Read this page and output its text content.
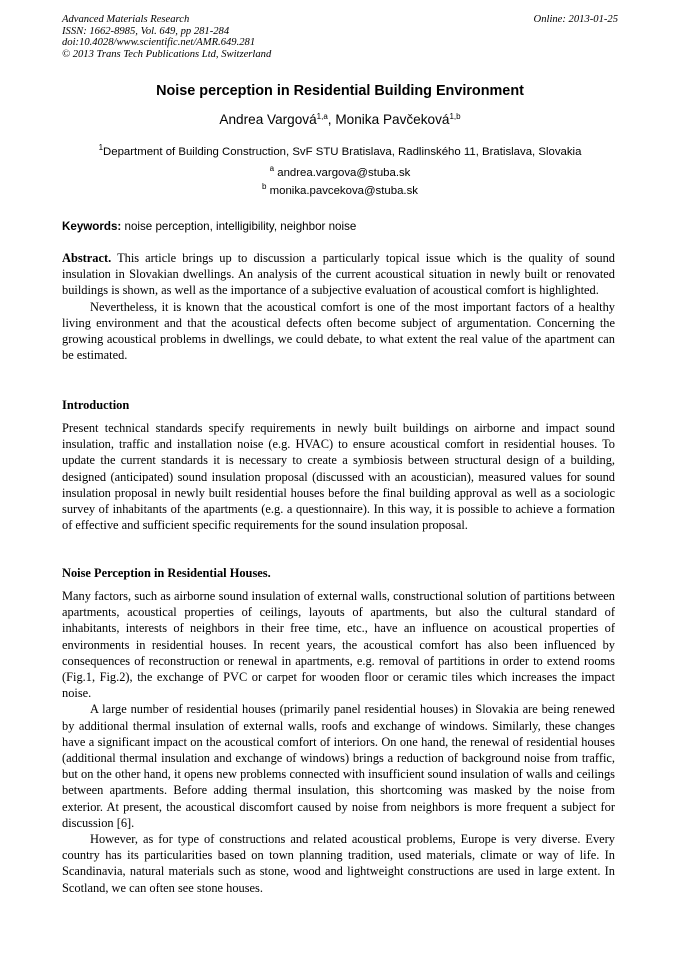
Advanced Materials Research
ISSN: 1662-8985, Vol. 649, pp 281-284
doi:10.4028/www.scientific.net/AMR.649.281
© 2013 Trans Tech Publications Ltd, Switzerland
Online: 2013-01-25
Noise perception in Residential Building Environment
Andrea Vargová$^{1,a}$, Monika Pavčeková$^{1,b}$
$^1$Department of Building Construction, SvF STU Bratislava, Radlinského 11, Bratislava, Slovakia
$^a$ andrea.vargova@stuba.sk
$^b$ monika.pavcekova@stuba.sk
Keywords: noise perception, intelligibility, neighbor noise

Abstract. This article brings up to discussion a particularly topical issue which is the quality of sound insulation in Slovakian dwellings. An analysis of the current acoustical situation in newly built or renovated buildings is shown, as well as the importance of a subjective evaluation of acoustical comfort is highlighted.

Nevertheless, it is known that the acoustical comfort is one of the most important factors of a healthy living environment and that the acoustical defects often become subject of argumentation. Concerning the growing acoustical problems in dwellings, we could debate, to what extent the real value of the apartment can be estimated.

Introduction

Present technical standards specify requirements in newly built buildings on airborne and impact sound insulation, traffic and installation noise (e.g. HVAC) to ensure acoustical comfort in residential houses. To update the current standards it is necessary to create a symbiosis between structural design of a building, designed (anticipated) sound insulation proposal (discussed with an acoustician), measured values for sound insulation proposal in newly built residential houses before the final building approval as well as a sociologic survey of inhabitants of the apartments (e.g. a questionnaire). In this way, it is possible to achieve a formation of effective and sufficient specific requirements for the sound insulation proposal.

Noise Perception in Residential Houses.

Many factors, such as airborne sound insulation of external walls, constructional solution of partitions between apartments, acoustical properties of ceilings, layouts of apartments, but also the cultural standard of inhabitants, interests of neighbors in their free time, etc., have an influence on acoustical properties of environments in residential houses. In recent years, the acoustical comfort has also been influenced by consequences of reconstruction or renewal in apartments, e.g. removal of partitions in order to extend rooms (Fig.1, Fig.2), the exchange of PVC or carpet for wooden floor or ceramic tiles which increases the impact noise.

A large number of residential houses (primarily panel residential houses) in Slovakia are being renewed by additional thermal insulation of external walls, roofs and exchange of windows. Similarly, these changes have a significant impact on the acoustical comfort of interiors. On one hand, the renewal of residential houses (additional thermal insulation and exchange of windows) brings a reduction of background noise from traffic, but on the other hand, it opens new problems connected with insufficient sound insulation of walls and ceilings between apartments. Before adding thermal insulation, this shortcoming was masked by the noise from exterior. At present, the acoustical discomfort caused by noise from neighbors is more frequent a subject for discussion [6].

However, as for type of constructions and related acoustical problems, Europe is very diverse. Every country has its particularities based on town planning tradition, used materials, climate or way of life. In Scandinavia, natural materials such as stone, wood and lightweight constructions are used in large extent. In Scotland, we can often see stone houses.
